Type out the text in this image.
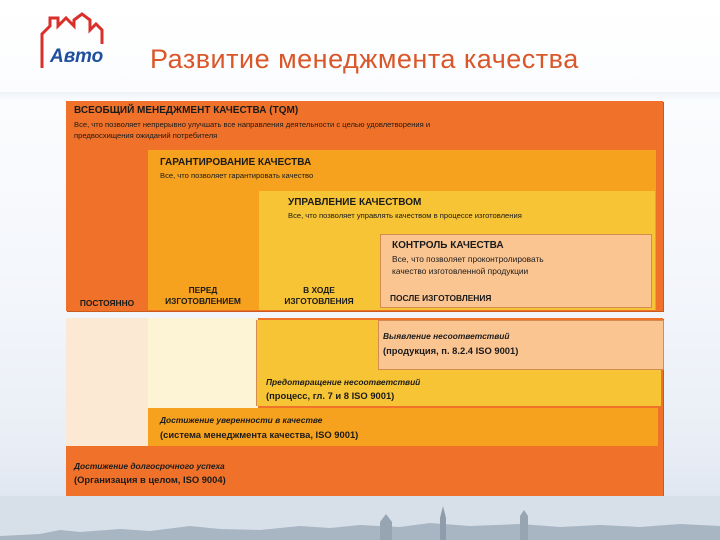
Авто Развитие менеджмента качества
ВСЕОБЩИЙ МЕНЕДЖМЕНТ КАЧЕСТВА (TQM)
Все, что позволяет непрерывно улучшать все направления деятельности с целью удовлетворения и
предвосхищения ожиданий потребителя
ГАРАНТИРОВАНИЕ КАЧЕСТВА
Все, что позволяет гарантировать качество
УПРАВЛЕНИЕ КАЧЕСТВОМ
Все, что позволяет управлять качеством в процессе изготовления
КОНТРОЛЬ КАЧЕСТВА
Все, что позволяет проконтролировать
качество изготовленной продукции
ПОСТОЯННО
ПЕРЕД
ИЗГОТОВЛЕНИЕМ
В ХОДЕ
ИЗГОТОВЛЕНИЯ	ПОСЛЕ ИЗГОТОВЛЕНИЯ
Выявление несоответствий
(продукция, п. 8.2.4 ISO 9001)
Предотвращение несоответствий
(процесс, гл. 7 и 8 ISO 9001)
Достижение уверенности в качестве
(система менеджмента качества, ISO 9001)
Достижение долгосрочного успеха
(Организация в целом, ISO 9004)
